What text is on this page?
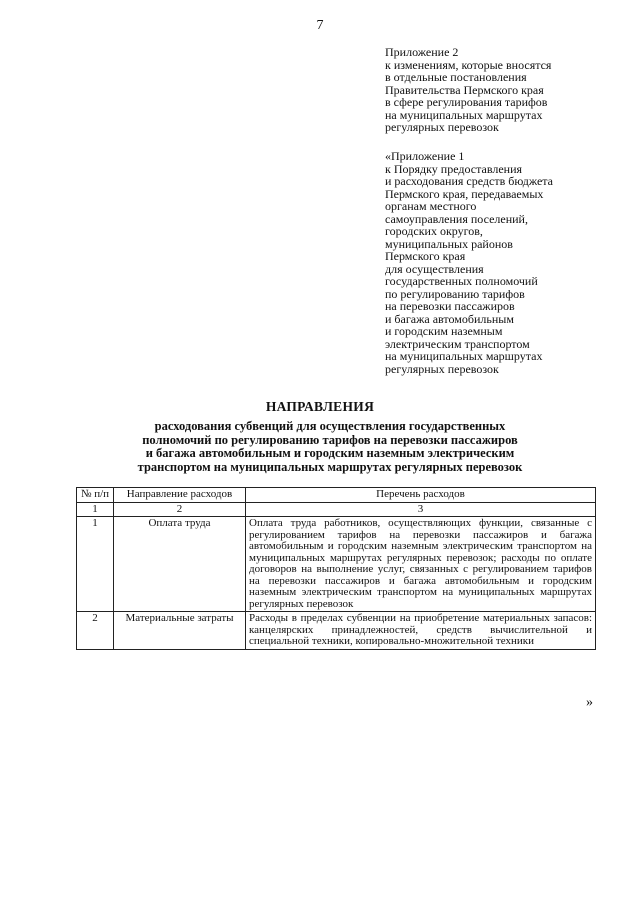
7
Приложение 2
к изменениям, которые вносятся
в отдельные постановления
Правительства Пермского края
в сфере регулирования тарифов
на муниципальных маршрутах
регулярных перевозок
«Приложение 1
к Порядку предоставления
и расходования средств бюджета
Пермского края, передаваемых
органам местного
самоуправления поселений,
городских округов,
муниципальных районов
Пермского края
для осуществления
государственных полномочий
по регулированию тарифов
на перевозки пассажиров
и багажа автомобильным
и городским наземным
электрическим транспортом
на муниципальных маршрутах
регулярных перевозок
НАПРАВЛЕНИЯ
расходования субвенций для осуществления государственных
полномочий по регулированию тарифов на перевозки пассажиров
и багажа автомобильным и городским наземным электрическим
транспортом на муниципальных маршрутах регулярных перевозок
№ п/п	Направление расходов	Перечень расходов
1	2	3
1	Оплата труда	Оплата труда работников, осуществляющих функции, связанные с регулированием тарифов на перевозки пассажиров и багажа автомобильным и городским наземным электрическим транспортом на муниципальных маршрутах регулярных перевозок; расходы по оплате договоров на выполнение услуг, связанных с регулированием тарифов на перевозки пассажиров и багажа автомобильным и городским наземным электрическим транспортом на муниципальных маршрутах регулярных перевозок
2	Материальные затраты	Расходы в пределах субвенции на приобретение материальных запасов: канцелярских принадлежностей, средств вычислительной и специальной техники, копировально-множительной техники
»
